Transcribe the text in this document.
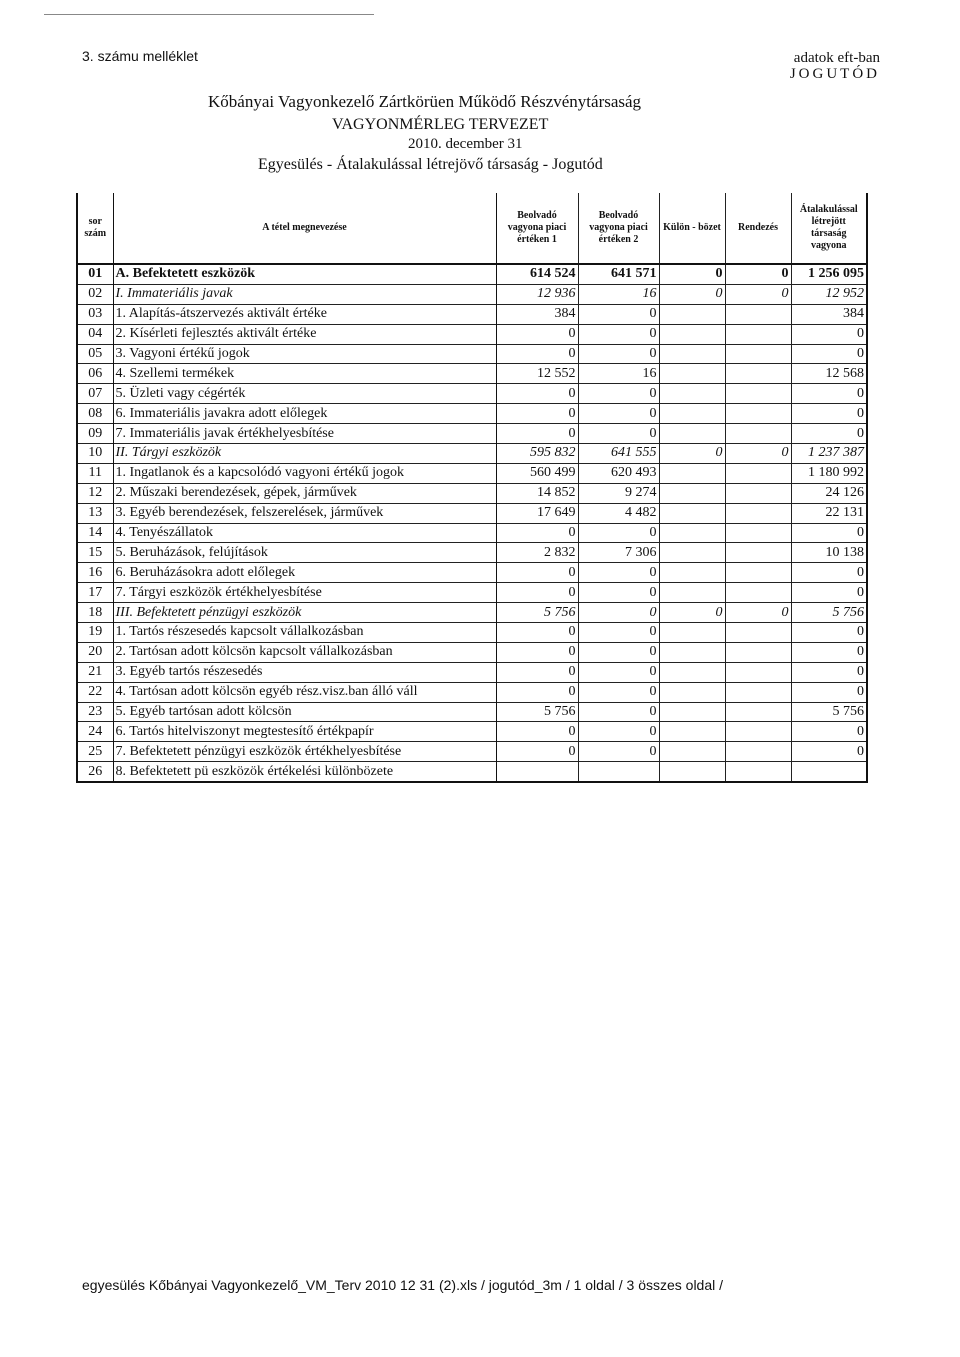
3. számu melléklet	adatok eft-ban
JOGUTÓD
Kőbányai Vagyonkezelő Zártkörüen Működő Részvénytársaság
VAGYONMÉRLEG TERVEZET
2010. december 31
Egyesülés - Átalakulással létrejövő társaság - Jogutód
sor szám	A tétel megnevezése	Beolvadó vagyona piaci értéken 1	Beolvadó vagyona piaci értéken 2	Külön - bözet	Rendezés	Átalakulással létrejött társaság vagyona
01	A. Befektetett eszközök	614 524	641 571	0	0	1 256 095
02	I. Immateriális javak	12 936	16	0	0	12 952
03	1. Alapítás-átszervezés aktivált értéke	384	0			384
04	2. Kísérleti fejlesztés aktivált értéke	0	0			0
05	3. Vagyoni értékű jogok	0	0			0
06	4. Szellemi termékek	12 552	16			12 568
07	5. Üzleti vagy cégérték	0	0			0
08	6. Immateriális javakra adott előlegek	0	0			0
09	7. Immateriális javak értékhelyesbítése	0	0			0
10	II. Tárgyi eszközök	595 832	641 555	0	0	1 237 387
11	1. Ingatlanok és a kapcsolódó vagyoni értékű jogok	560 499	620 493			1 180 992
12	2. Műszaki berendezések, gépek, járművek	14 852	9 274			24 126
13	3. Egyéb berendezések, felszerelések, járművek	17 649	4 482			22 131
14	4. Tenyészállatok	0	0			0
15	5. Beruházások, felújítások	2 832	7 306			10 138
16	6. Beruházásokra adott előlegek	0	0			0
17	7. Tárgyi eszközök értékhelyesbítése	0	0			0
18	III. Befektetett pénzügyi eszközök	5 756	0	0	0	5 756
19	1. Tartós részesedés kapcsolt vállalkozásban	0	0			0
20	2. Tartósan adott kölcsön kapcsolt vállalkozásban	0	0			0
21	3. Egyéb tartós részesedés	0	0			0
22	4. Tartósan adott kölcsön egyéb rész.visz.ban álló váll	0	0			0
23	5. Egyéb tartósan adott kölcsön	5 756	0			5 756
24	6. Tartós hitelviszonyt megtestesítő értékpapír	0	0			0
25	7. Befektetett pénzügyi eszközök értékhelyesbítése	0	0			0
26	8. Befektetett pü eszközök értékelési különbözete					
egyesülés Kőbányai Vagyonkezelő_VM_Terv 2010 12 31 (2).xls / jogutód_3m / 1 oldal / 3 összes oldal /
